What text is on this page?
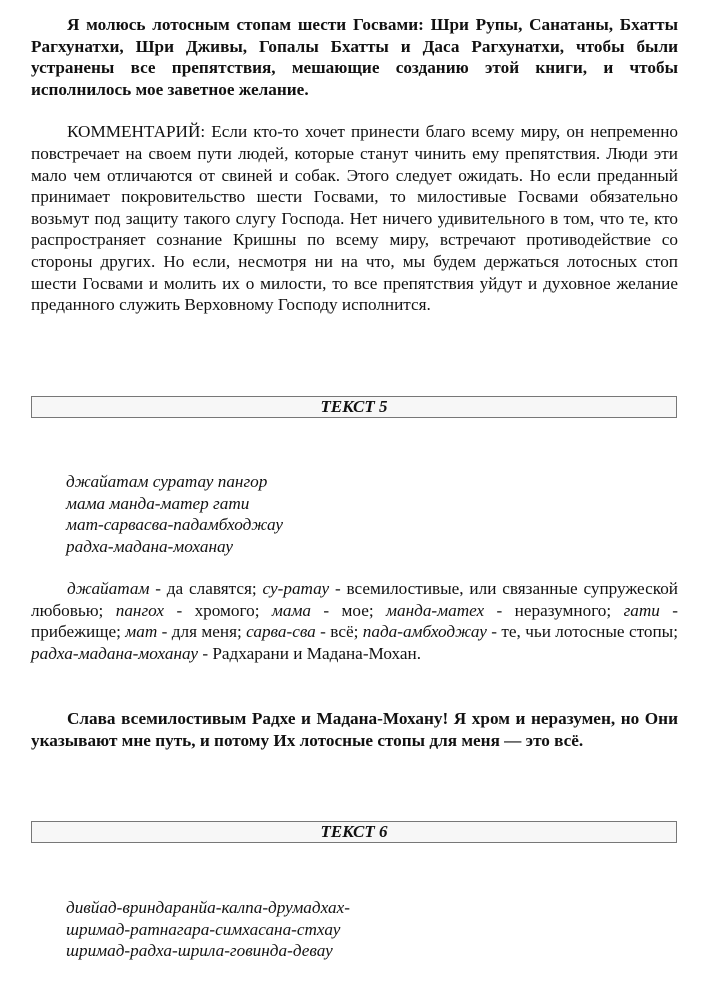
Я молюсь лотосным стопам шести Госвами: Шри Рупы, Санатаны, Бхатты Рагхунатхи, Шри Дживы, Гопалы Бхатты и Даса Рагхунатхи, чтобы были устранены все препятствия, мешающие созданию этой книги, и чтобы исполнилось мое заветное желание.

КОММЕНТАРИЙ: Если кто-то хочет принести благо всему миру, он непременно повстречает на своем пути людей, которые станут чинить ему препятствия. Люди эти мало чем отличаются от свиней и собак. Этого следует ожидать. Но если преданный принимает покровительство шести Госвами, то милостивые Госвами обязательно возьмут под защиту такого слугу Господа. Нет ничего удивительного в том, что те, кто распространяет сознание Кришны по всему миру, встречают противодействие со стороны других. Но если, несмотря ни на что, мы будем держаться лотосных стоп шести Госвами и молить их о милости, то все препятствия уйдут и духовное желание преданного служить Верховному Господу исполнится.

ТЕКСТ 5
джайатам суратау пангор
мама манда-матер гати
мат-сарвасва-падамбходжау
радха-мадана-моханау

джайатам - да славятся; су-ратау - всемилостивые, или связанные супружеской любовью; пангох - хромого; мама - мое; манда-матех - неразумного; гати - прибежище; мат - для меня; сарва-сва - всё; пада-амбходжау - те, чьи лотосные стопы; радха-мадана-моханау - Радхарани и Мадана-Мохан.

Слава всемилостивым Радхе и Мадана-Мохану! Я хром и неразумен, но Они указывают мне путь, и потому Их лотосные стопы для меня — это всё.

ТЕКСТ 6
дивйад-вриндаранйа-калпа-друмадхах-
шримад-ратнагара-симхасана-стхау
шримад-радха-шрила-говинда-девау
